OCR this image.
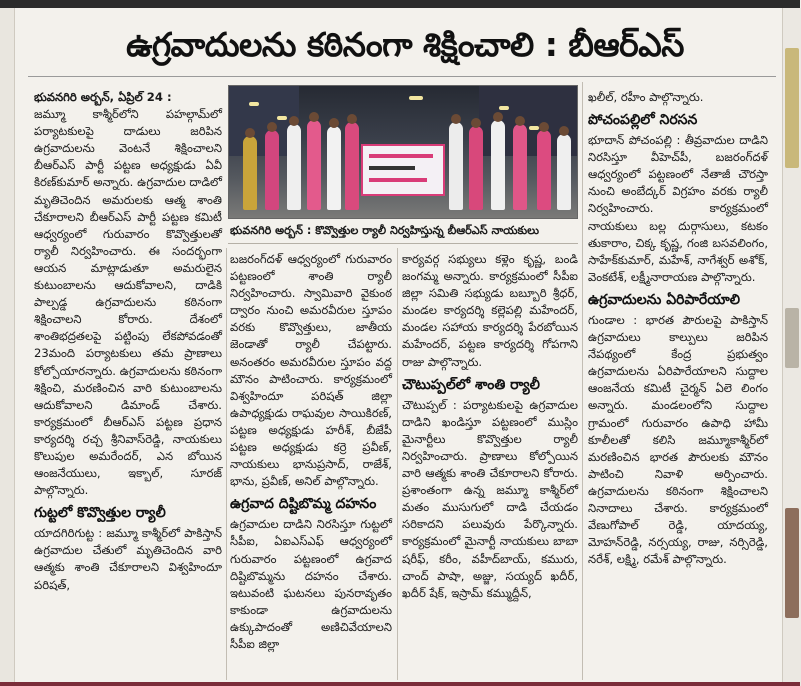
ఉగ్రవాదులను కఠినంగా శిక్షించాలి : బీఆర్ఎస్

భువనగిరి అర్బన్, ఏప్రిల్ 24 :

జమ్మూ కాశ్మీర్‌లోని పహల్గామ్‌లో పర్యాటకులపై దాడులు జరిపిన ఉగ్రవాదులను వెంటనే శిక్షించాలని బీఆర్ఎస్ పార్టీ పట్టణ అధ్యక్షుడు ఏవీ కిరణ్‌కుమార్ అన్నారు. ఉగ్రవాదుల దాడిలో మృతిచెందిన అమరులకు ఆత్మ శాంతి చేకూరాలని బీఆర్ఎస్ పార్టీ పట్టణ కమిటీ ఆధ్వర్యంలో గురువారం కొవ్వొత్తులతో ర్యాలీ నిర్వహించారు. ఈ సందర్భంగా ఆయన మాట్లాడుతూ అమరులైన కుటుంబాలను ఆదుకోవాలని, దాడికి పాల్పడ్డ ఉగ్రవాదులను కఠినంగా శిక్షించాలని కోరారు. దేశంలో శాంతిభద్రతలపై పట్టింపు లేకపోవడంతో 23మంది పర్యాటకులు తమ ప్రాణాలు కోల్పోయారన్నారు. ఉగ్రవాదులను కఠినంగా శిక్షించి, మరణించిన వారి కుటుంబాలను ఆదుకోవాలని డిమాండ్ చేశారు. కార్యక్రమంలో బీఆర్ఎస్ పట్టణ ప్రధాన కార్యదర్శి రచ్చ శ్రీనివాస్‌రెడ్డి, నాయకులు కొలుపుల అమరేందర్, ఎన బోయిన ఆంజనేయులు, ఇక్బాల్, సూరజ్ పాల్గొన్నారు.

గుట్టలో కొవ్వొత్తుల ర్యాలీ

యాదగిరిగుట్ట : జమ్మూ కాశ్మీర్‌లో పాకిస్తాన్ ఉగ్రవాదుల చేతులో మృతిచెందిన వారి ఆత్మకు శాంతి చేకూరాలని విశ్వహిందూ పరిషత్,

భువనగిరి అర్బన్ : కొవ్వొత్తుల ర్యాలీ నిర్వహిస్తున్న బీఆర్ఎస్ నాయకులు

బజరంగ్‌దళ్ ఆధ్వర్యంలో గురువారం పట్టణంలో శాంతి ర్యాలీ నిర్వహించారు. స్వామివారి వైకుంఠ ద్వారం నుంచి అమరవీరుల స్తూపం వరకు కొవ్వొత్తులు, జాతీయ జెండాతో ర్యాలీ చేపట్టారు. అనంతరం అమరవీరుల స్తూపం వద్ద మౌనం పాటించారు. కార్యక్రమంలో విశ్వహిందూ పరిషత్ జిల్లా ఉపాధ్యక్షుడు రాఘవుల సాయికిరణ్, పట్టణ అధ్యక్షుడు హరీశ్, బీజేపీ పట్టణ అధ్యక్షుడు కర్రె ప్రవీణ్, నాయకులు భానుప్రసాద్, రాజేశ్, భాను, ప్రవీణ్, అనిల్ పాల్గొన్నారు.

ఉగ్రవాద దిష్టిబొమ్మ దహనం

ఉగ్రవాదుల దాడిని నిరసిస్తూ గుట్టలో సీపీఐ, ఏఐఎస్ఎఫ్ ఆధ్వర్యంలో గురువారం పట్టణంలో ఉగ్రవాద దిష్టిబొమ్మను దహనం చేశారు. ఇటువంటి ఘటనలు పునరావృతం కాకుండా ఉగ్రవాదులను ఉక్కుపాదంతో అణిచివేయాలని సీపీఐ జిల్లా

కార్యవర్గ సభ్యులు కళ్లెం కృష్ణ, బండి జంగమ్మ అన్నారు. కార్యక్రమంలో సీపీఐ జిల్లా సమితి సభ్యుడు బబ్బూరి శ్రీధర్, మండల కార్యదర్శి కల్లెపల్లి మహేందర్, మండల సహాయ కార్యదర్శి పేరబోయిన మహేందర్, పట్టణ కార్యదర్శి గోపగాని రాజు పాల్గొన్నారు.

చౌటుప్పల్‌లో శాంతి ర్యాలీ

చౌటుప్పల్ : పర్యాటకులపై ఉగ్రవాదుల దాడిని ఖండిస్తూ పట్టణంలో ముస్లిం మైనార్టీలు కొవ్వొత్తుల ర్యాలీ నిర్వహించారు. ప్రాణాలు కోల్పోయిన వారి ఆత్మకు శాంతి చేకూరాలని కోరారు. ప్రశాంతంగా ఉన్న జమ్మూ కాశ్మీర్‌లో మతం ముసుగులో దాడి చేయడం సరికాదని పలువురు పేర్కొన్నారు. కార్యక్రమంలో మైనార్టీ నాయకులు బాబా షరీఫ్, కరీం, వహీద్‌బాయ్, కమురు, చాంద్ పాషా, అజ్జు, సయ్యద్ ఖదీర్, ఖదీర్ షేక్, ఇస్రామ్ కమ్ముద్దీన్,

ఖలీల్, రహీం పాల్గొన్నారు.

పోచంపల్లిలో నిరసన

భూదాన్ పోచంపల్లి : తీవ్రవాదుల దాడిని నిరసిస్తూ వీహెచ్‌పీ, బజరంగ్‌దళ్ ఆధ్వర్యంలో పట్టణంలో నేతాజీ చౌరస్తా నుంచి అంబేద్కర్ విగ్రహం వరకు ర్యాలీ నిర్వహించారు. కార్యక్రమంలో నాయకులు బల్ల దుర్గాసులు, కటకం తుకారాం, చిక్క కృష్ణ, గంజి బసవలింగం, సాహేక్‌కుమార్, మహేశ్, నాగేశ్వర్ అశోక్, వెంకటేశ్, లక్ష్మీనారాయణ పాల్గొన్నారు.

ఉగ్రవాదులను ఏరిపారేయాలి

గుండాల : భారత పౌరులపై పాకిస్తాన్ ఉగ్రవాదులు కాల్పులు జరిపిన నేపథ్యంలో కేంద్ర ప్రభుత్వం ఉగ్రవాదులను ఏరిపారేయాలని సుద్దాల ఆంజనేయ కమిటీ చైర్మన్ ఏలె లింగం అన్నారు. మండలంలోని సుద్దాల గ్రామంలో గురువారం ఉపాధి హామీ కూలీలతో కలిసి జమ్మూకాశ్మీర్‌లో మరణించిన భారత పౌరులకు మౌనం పాటించి నివాళి అర్పించారు. ఉగ్రవాదులను కఠినంగా శిక్షించాలని నినాదాలు చేశారు. కార్యక్రమంలో వేణుగోపాల్ రెడ్డి, యాదయ్య, మోహన్‌రెడ్డి, నర్సయ్య, రాజు, నర్సిరెడ్డి, నరేశ్, లక్ష్మి, రమేశ్ పాల్గొన్నారు.
